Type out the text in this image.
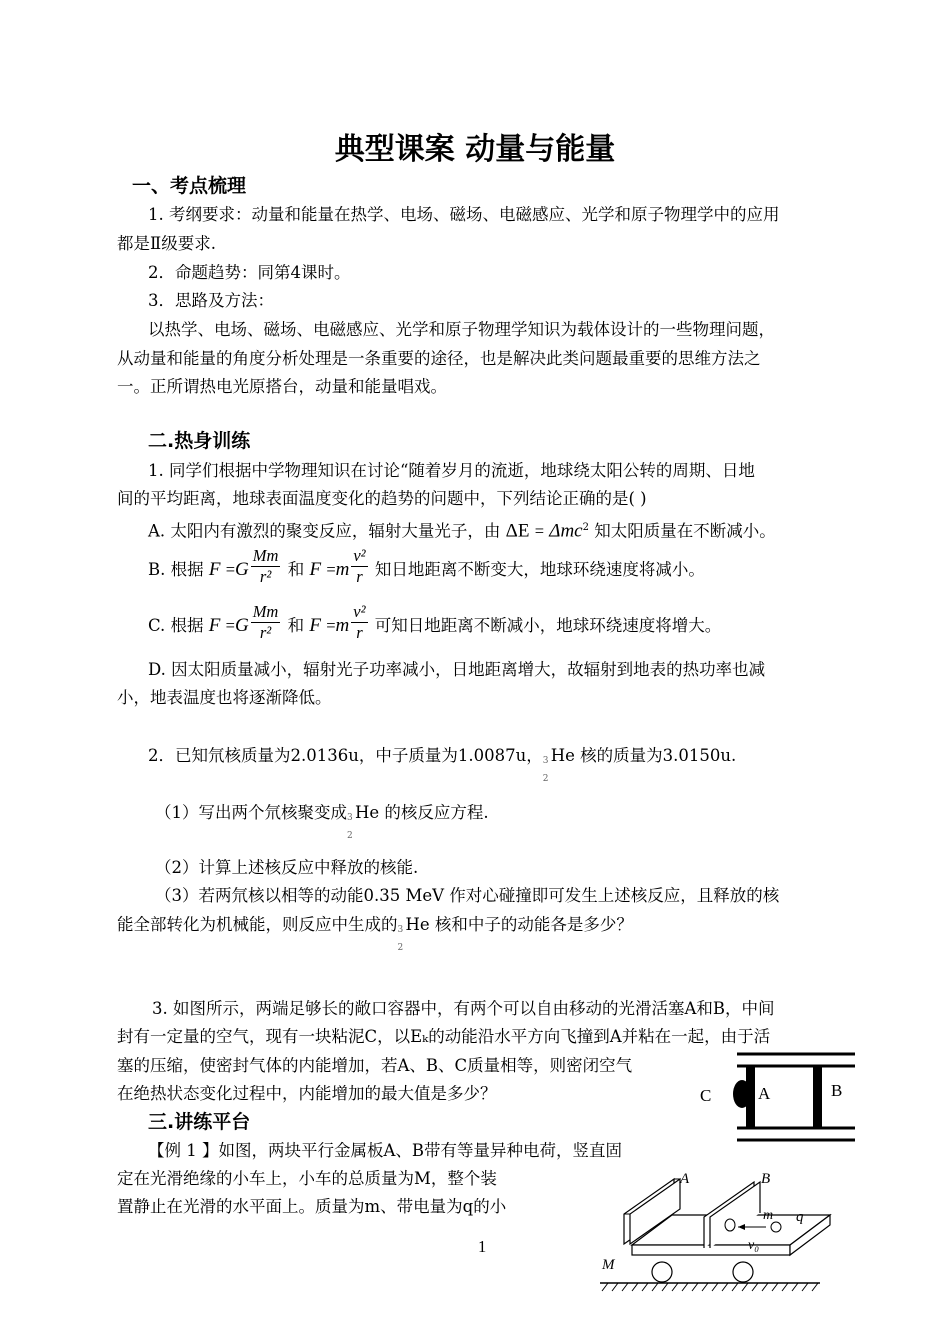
典型课案 动量与能量
一、考点梳理
1. 考纲要求：动量和能量在热学、电场、磁场、电磁感应、光学和原子物理学中的应用
都是Ⅱ级要求.
2．命题趋势：同第4课时。
3．思路及方法：
以热学、电场、磁场、电磁感应、光学和原子物理学知识为载体设计的一些物理问题，
从动量和能量的角度分析处理是一条重要的途径，也是解决此类问题最重要的思维方法之
一。正所谓热电光原搭台，动量和能量唱戏。
二.热身训练
1. 同学们根据中学物理知识在讨论“随着岁月的流逝，地球绕太阳公转的周期、日地
间的平均距离，地球表面温度变化的趋势的问题中，下列结论正确的是( )
A. 太阳内有激烈的聚变反应，辐射大量光子，由 ΔE = Δmc$^2$ 知太阳质量在不断减小。
B. 根据 $F =G \frac{Mm}{\text{r²}}$ 和 $F =m \frac{\text{v²}}{r}$ 知日地距离不断变大，地球环绕速度将减小。
C. 根据 $F =G \frac{Mm}{\text{r²}}$ 和 $F =m \frac{\text{v²}}{r}$ 可知日地距离不断减小，地球环绕速度将增大。
D. 因太阳质量减小，辐射光子功率减小，日地距离增大，故辐射到地表的热功率也减
小，地表温度也将逐渐降低。
2．已知氘核质量为2.0136u，中子质量为1.0087u， 3
2
He 核的质量为3.0150u.
（1）写出两个氘核聚变成 3
2
He 的核反应方程.
（2）计算上述核反应中释放的核能.
（3）若两氘核以相等的动能0.35 MeV 作对心碰撞即可发生上述核反应，且释放的核
能全部转化为机械能，则反应中生成的 3
2
He 核和中子的动能各是多少？
3. 如图所示，两端足够长的敞口容器中，有两个可以自由移动的光滑活塞A和B，中间
封有一定量的空气，现有一块粘泥C，以Eₖ的动能沿水平方向飞撞到A并粘在一起，由于活
塞的压缩，使密封气体的内能增加，若A、B、C质量相等，则密闭空气
在绝热状态变化过程中，内能增加的最大值是多少？	C	A	B
三.讲练平台
【例 1 】如图，两块平行金属板A、B带有等量异种电荷，竖直固
定在光滑绝缘的小车上，小车的总质量为M，整个装
置静止在光滑的水平面上。质量为m、带电量为q的小
A	B
m q
v₀
M
1
